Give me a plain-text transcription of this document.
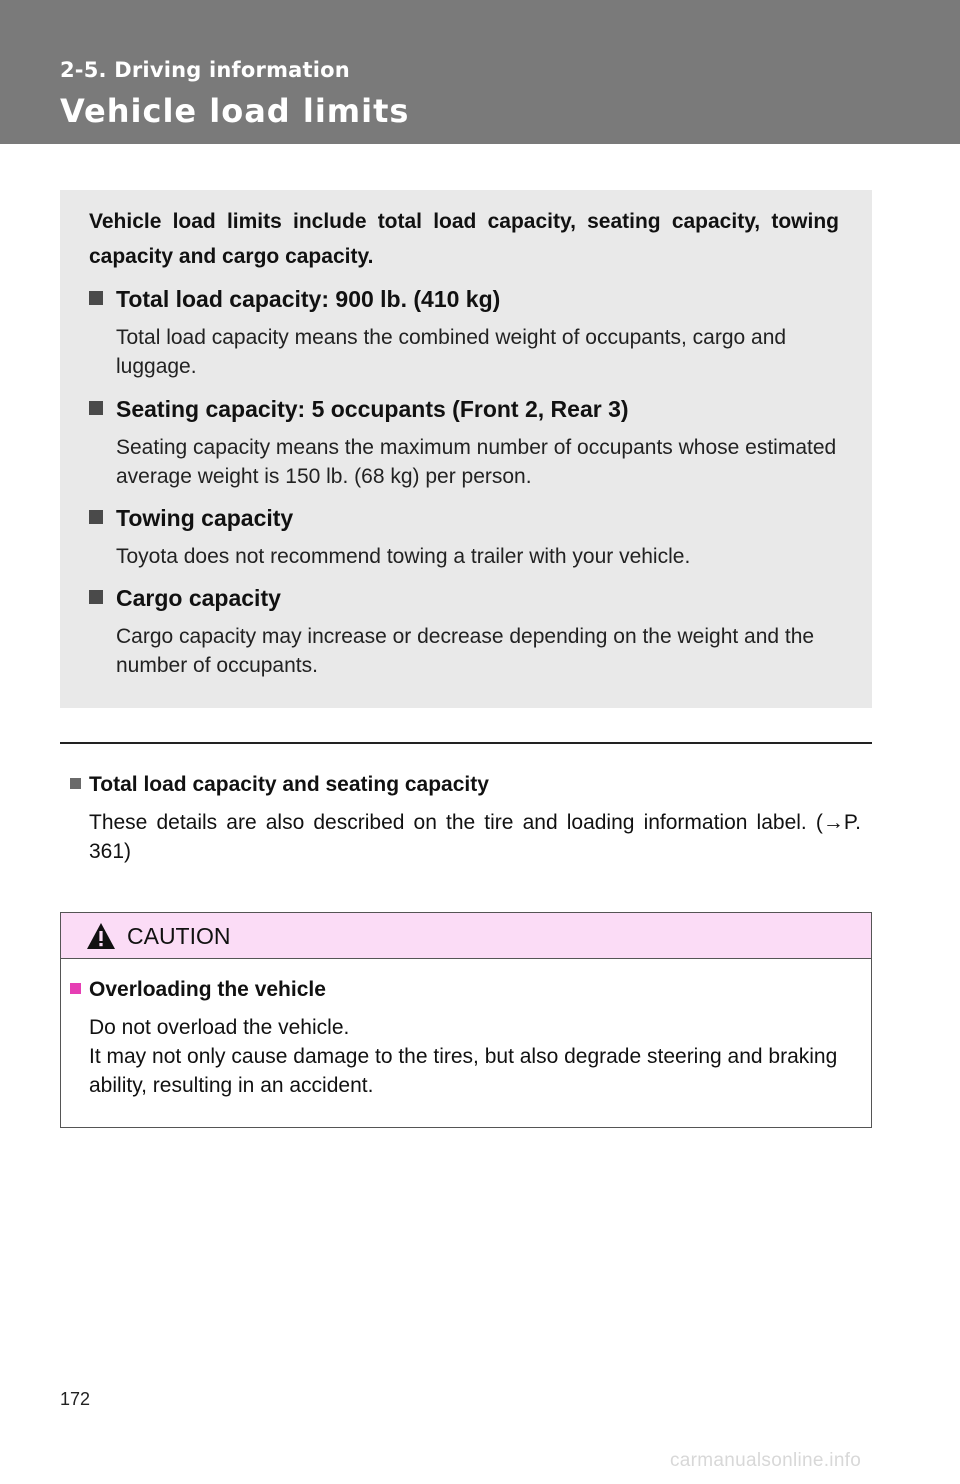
2-5. Driving information
Vehicle load limits
Vehicle load limits include total load capacity, seating capacity, towing capacity and cargo capacity.
Total load capacity: 900 lb. (410 kg)
Total load capacity means the combined weight of occupants, cargo and luggage.
Seating capacity: 5 occupants (Front 2, Rear 3)
Seating capacity means the maximum number of occupants whose estimated average weight is 150 lb. (68 kg) per person.
Towing capacity
Toyota does not recommend towing a trailer with your vehicle.
Cargo capacity
Cargo capacity may increase or decrease depending on the weight and the number of occupants.
Total load capacity and seating capacity
These details are also described on the tire and loading information label. (→P. 361)
CAUTION
Overloading the vehicle
Do not overload the vehicle.
It may not only cause damage to the tires, but also degrade steering and braking ability, resulting in an accident.
172
carmanualsonline.info
